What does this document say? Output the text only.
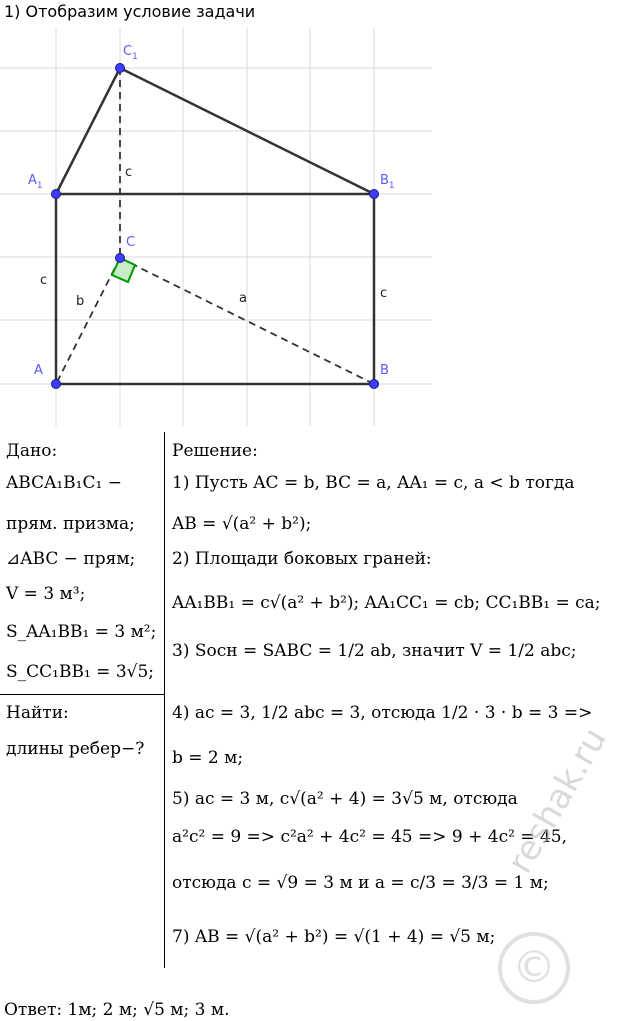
1) Отобразим условие задачи
$C_1$
$A_1$	$B_1$
C
A	B
c
c
c
b	a
Дано:
ABCA₁B₁C₁ −
прям. призма;
⊿ABC − прям;
V = 3 м³;
S_AA₁BB₁ = 3 м²;
S_CC₁BB₁ = 3√5;
Найти:
длины ребер−?
Решение:
1) Пусть AC = b, BC = a, AA₁ = c, a < b тогда
AB = √(a² + b²);
2) Площади боковых граней:
AA₁BB₁ = c√(a² + b²); AA₁CC₁ = cb; CC₁BB₁ = ca;
3) Sосн = SABC = 1/2 ab, значит V = 1/2 abc;
4) ac = 3, 1/2 abc = 3, отсюда 1/2 · 3 · b = 3 =>
b = 2 м;
5) ac = 3 м, c√(a² + 4) = 3√5 м, отсюда
a²c² = 9 => c²a² + 4c² = 45 => 9 + 4c² = 45,
отсюда c = √9 = 3 м и a = c/3 = 3/3 = 1 м;
7) AB = √(a² + b²) = √(1 + 4) = √5 м;
Ответ: 1м; 2 м; √5 м; 3 м.
reshak.ru
©
